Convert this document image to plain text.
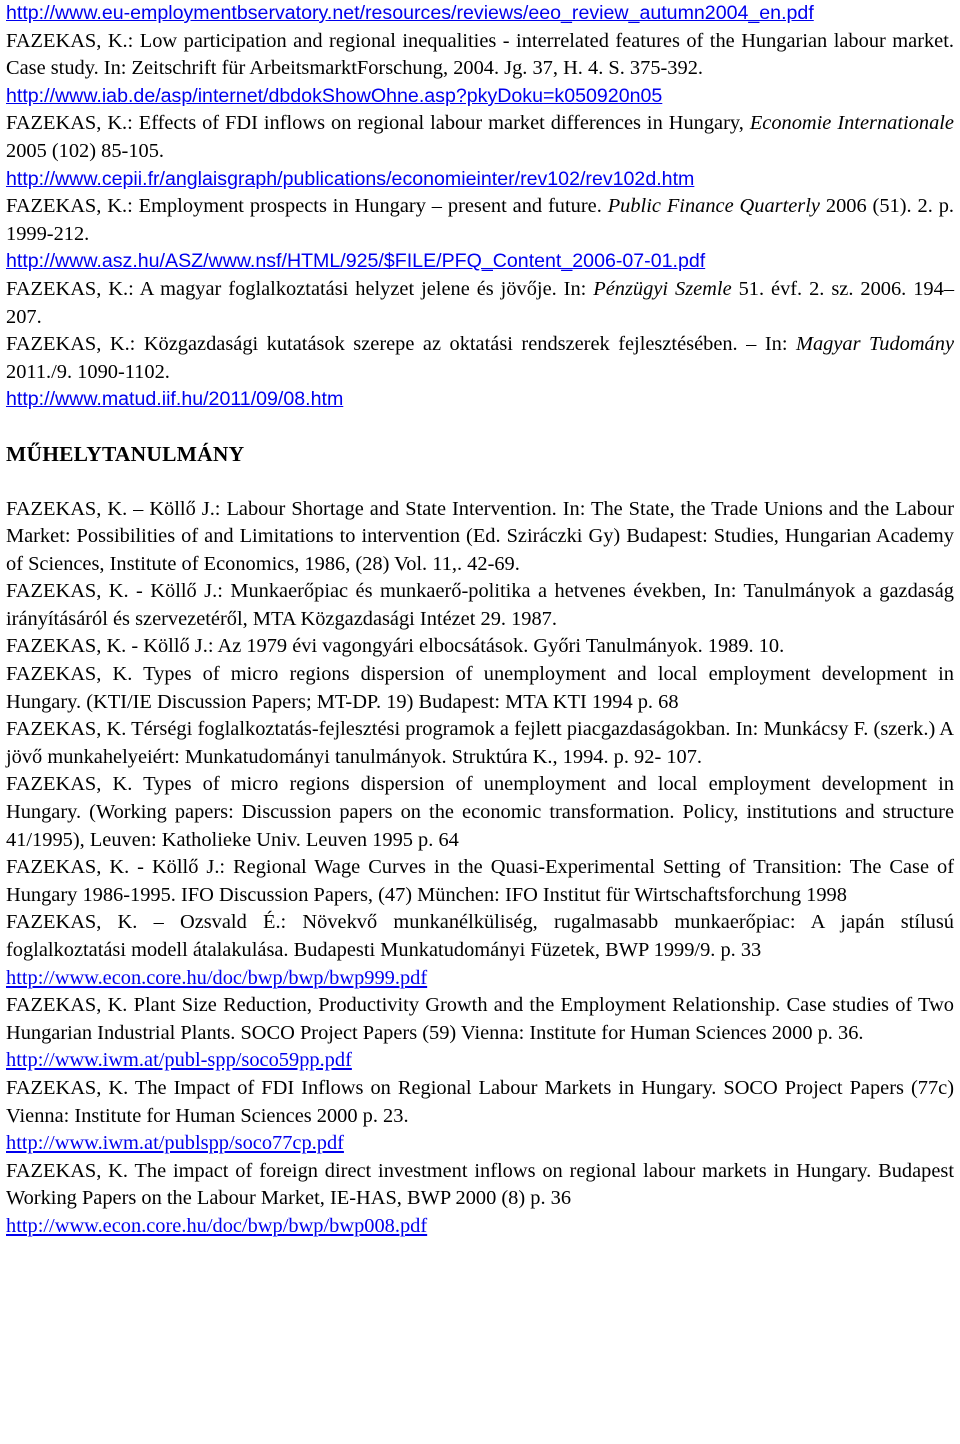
http://www.eu-employmentbservatory.net/resources/reviews/eeo_review_autumn2004_en.pdf
FAZEKAS, K.: Low participation and regional inequalities - interrelated features of the Hungarian labour market. Case study. In: Zeitschrift für ArbeitsmarktForschung, 2004. Jg. 37, H. 4. S. 375-392.
http://www.iab.de/asp/internet/dbdokShowOhne.asp?pkyDoku=k050920n05
FAZEKAS, K.: Effects of FDI inflows on regional labour market differences in Hungary, Economie Internationale 2005 (102) 85-105.
http://www.cepii.fr/anglaisgraph/publications/economieinter/rev102/rev102d.htm
FAZEKAS, K.: Employment prospects in Hungary – present and future. Public Finance Quarterly 2006 (51). 2. p. 1999-212.
http://www.asz.hu/ASZ/www.nsf/HTML/925/$FILE/PFQ_Content_2006-07-01.pdf
FAZEKAS, K.: A magyar foglalkoztatási helyzet jelene és jövője. In: Pénzügyi Szemle 51. évf. 2. sz. 2006. 194–207.
FAZEKAS, K.: Közgazdasági kutatások szerepe az oktatási rendszerek fejlesztésében. – In: Magyar Tudomány 2011./9. 1090-1102.
http://www.matud.iif.hu/2011/09/08.htm
MŰHELYTANULMÁNY
FAZEKAS, K. – Köllő J.: Labour Shortage and State Intervention. In: The State, the Trade Unions and the Labour Market: Possibilities of and Limitations to intervention (Ed. Sziráczki Gy) Budapest: Studies, Hungarian Academy of Sciences, Institute of Economics, 1986, (28) Vol. 11,. 42-69.
FAZEKAS, K. - Köllő J.: Munkaerőpiac és munkaerő-politika a hetvenes években, In: Tanulmányok a gazdaság irányításáról és szervezetéről, MTA Közgazdasági Intézet 29. 1987.
FAZEKAS, K. - Köllő J.: Az 1979 évi vagongyári elbocsátások. Győri Tanulmányok. 1989. 10.
FAZEKAS, K. Types of micro regions dispersion of unemployment and local employment development in Hungary. (KTI/IE Discussion Papers; MT-DP. 19) Budapest: MTA KTI 1994 p. 68
FAZEKAS, K. Térségi foglalkoztatás-fejlesztési programok a fejlett piacgazdaságokban. In: Munkácsy F. (szerk.) A jövő munkahelyeiért: Munkatudományi tanulmányok. Struktúra K., 1994. p. 92- 107.
FAZEKAS, K. Types of micro regions dispersion of unemployment and local employment development in Hungary. (Working papers: Discussion papers on the economic transformation. Policy, institutions and structure 41/1995), Leuven: Katholieke Univ. Leuven 1995 p. 64
FAZEKAS, K. - Köllő J.: Regional Wage Curves in the Quasi-Experimental Setting of Transition: The Case of Hungary 1986-1995. IFO Discussion Papers, (47) München: IFO Institut für Wirtschaftsforchung 1998
FAZEKAS, K. – Ozsvald É.: Növekvő munkanélküliség, rugalmasabb munkaerőpiac: A japán stílusú foglalkoztatási modell átalakulása. Budapesti Munkatudományi Füzetek, BWP 1999/9. p. 33
http://www.econ.core.hu/doc/bwp/bwp/bwp999.pdf
FAZEKAS, K. Plant Size Reduction, Productivity Growth and the Employment Relationship. Case studies of Two Hungarian Industrial Plants. SOCO Project Papers (59) Vienna: Institute for Human Sciences 2000 p. 36.
http://www.iwm.at/publ-spp/soco59pp.pdf
FAZEKAS, K. The Impact of FDI Inflows on Regional Labour Markets in Hungary. SOCO Project Papers (77c) Vienna: Institute for Human Sciences 2000 p. 23.
http://www.iwm.at/publspp/soco77cp.pdf
FAZEKAS, K. The impact of foreign direct investment inflows on regional labour markets in Hungary. Budapest Working Papers on the Labour Market, IE-HAS, BWP 2000 (8) p. 36
http://www.econ.core.hu/doc/bwp/bwp/bwp008.pdf
